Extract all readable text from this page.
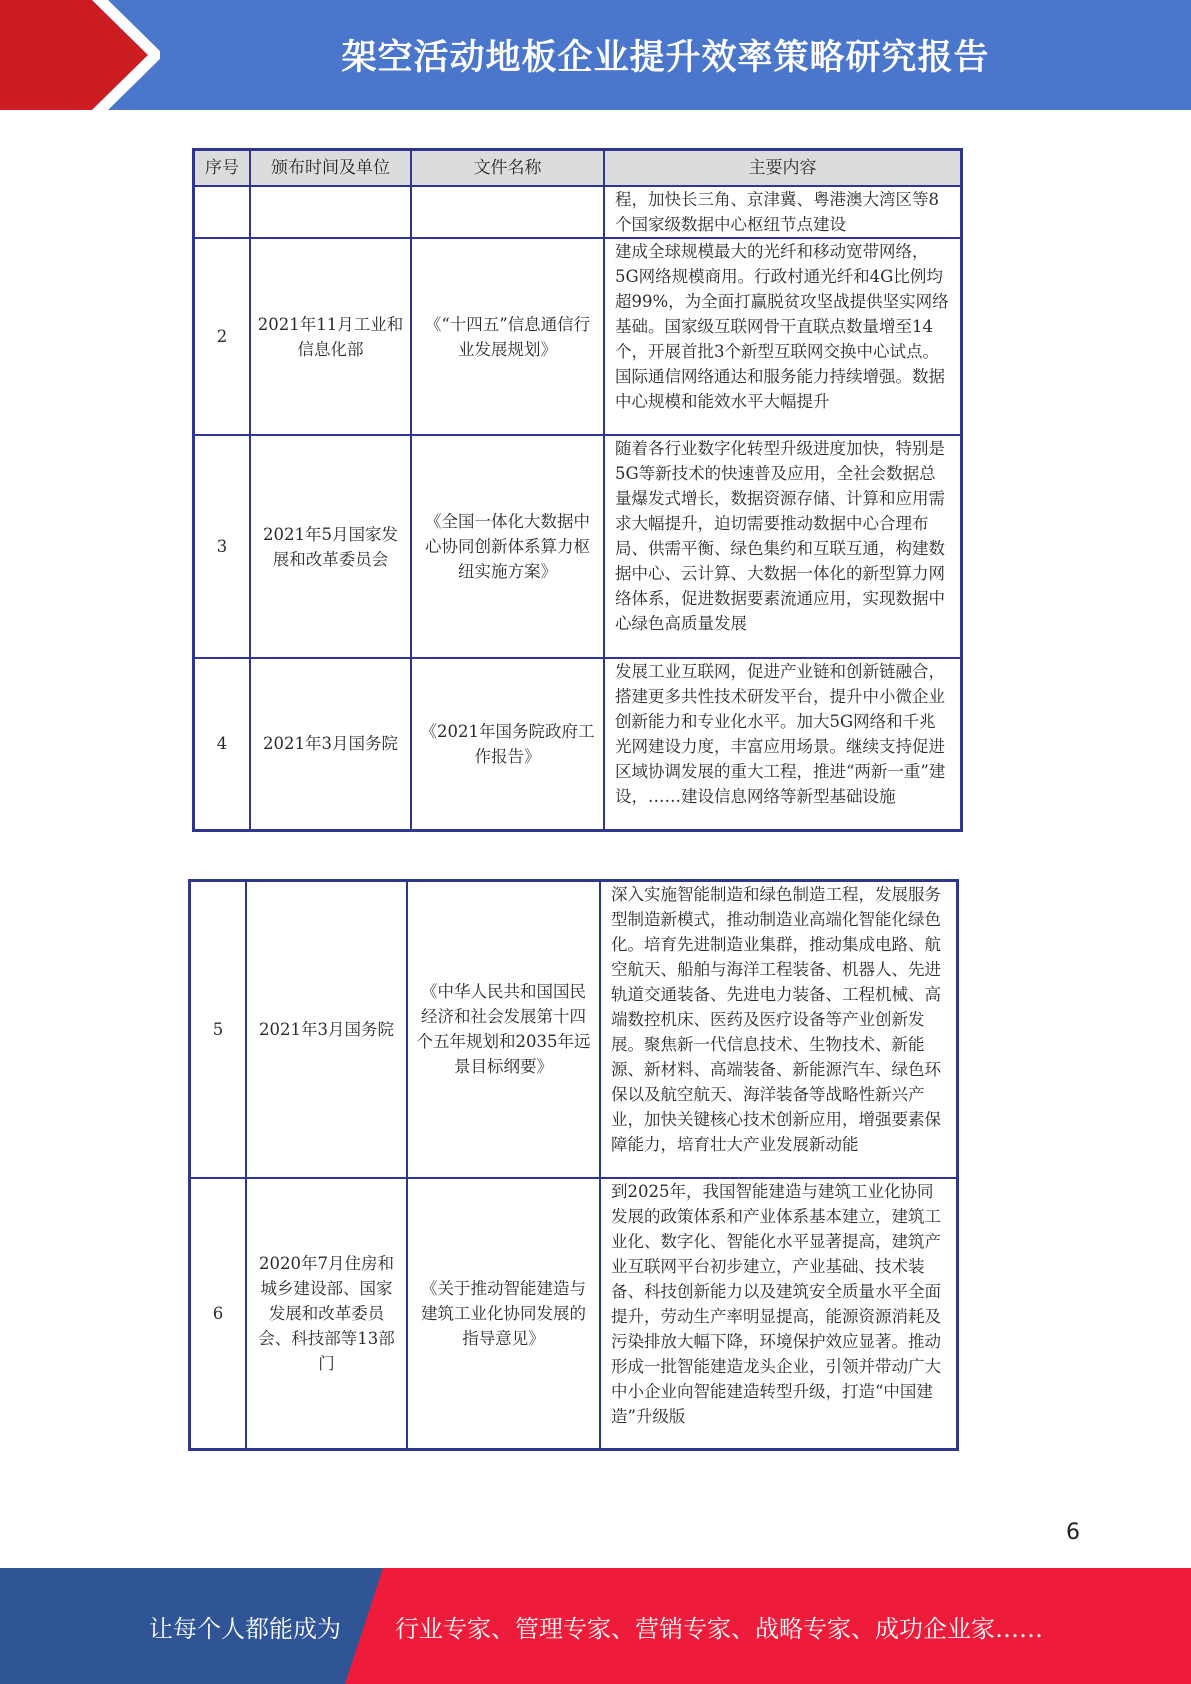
架空活动地板企业提升效率策略研究报告
序号	颁布时间及单位	文件名称	主要内容
			程，加快长三角、京津冀、粤港澳大湾区等8个国家级数据中心枢纽节点建设
2	2021年11月工业和信息化部	《“十四五”信息通信行业发展规划》	建成全球规模最大的光纤和移动宽带网络，5G网络规模商用。行政村通光纤和4G比例均超99%，为全面打赢脱贫攻坚战提供坚实网络基础。国家级互联网骨干直联点数量增至14个，开展首批3个新型互联网交换中心试点。国际通信网络通达和服务能力持续增强。数据中心规模和能效水平大幅提升
3	2021年5月国家发展和改革委员会	《全国一体化大数据中心协同创新体系算力枢纽实施方案》	随着各行业数字化转型升级进度加快，特别是5G等新技术的快速普及应用，全社会数据总量爆发式增长，数据资源存储、计算和应用需求大幅提升，迫切需要推动数据中心合理布局、供需平衡、绿色集约和互联互通，构建数据中心、云计算、大数据一体化的新型算力网络体系，促进数据要素流通应用，实现数据中心绿色高质量发展
4	2021年3月国务院	《2021年国务院政府工作报告》	发展工业互联网，促进产业链和创新链融合，搭建更多共性技术研发平台，提升中小微企业创新能力和专业化水平。加大5G网络和千兆光网建设力度，丰富应用场景。继续支持促进区域协调发展的重大工程，推进“两新一重”建设，……建设信息网络等新型基础设施
5	2021年3月国务院	《中华人民共和国国民经济和社会发展第十四个五年规划和2035年远景目标纲要》	深入实施智能制造和绿色制造工程，发展服务型制造新模式，推动制造业高端化智能化绿色化。培育先进制造业集群，推动集成电路、航空航天、船舶与海洋工程装备、机器人、先进轨道交通装备、先进电力装备、工程机械、高端数控机床、医药及医疗设备等产业创新发展。聚焦新一代信息技术、生物技术、新能源、新材料、高端装备、新能源汽车、绿色环保以及航空航天、海洋装备等战略性新兴产业，加快关键核心技术创新应用，增强要素保障能力，培育壮大产业发展新动能
6	2020年7月住房和城乡建设部、国家发展和改革委员会、科技部等13部门	《关于推动智能建造与建筑工业化协同发展的指导意见》	到2025年，我国智能建造与建筑工业化协同发展的政策体系和产业体系基本建立，建筑工业化、数字化、智能化水平显著提高，建筑产业互联网平台初步建立，产业基础、技术装备、科技创新能力以及建筑安全质量水平全面提升，劳动生产率明显提高，能源资源消耗及污染排放大幅下降，环境保护效应显著。推动形成一批智能建造龙头企业，引领并带动广大中小企业向智能建造转型升级，打造“中国建造”升级版
6
让每个人都能成为	行业专家、管理专家、营销专家、战略专家、成功企业家……
